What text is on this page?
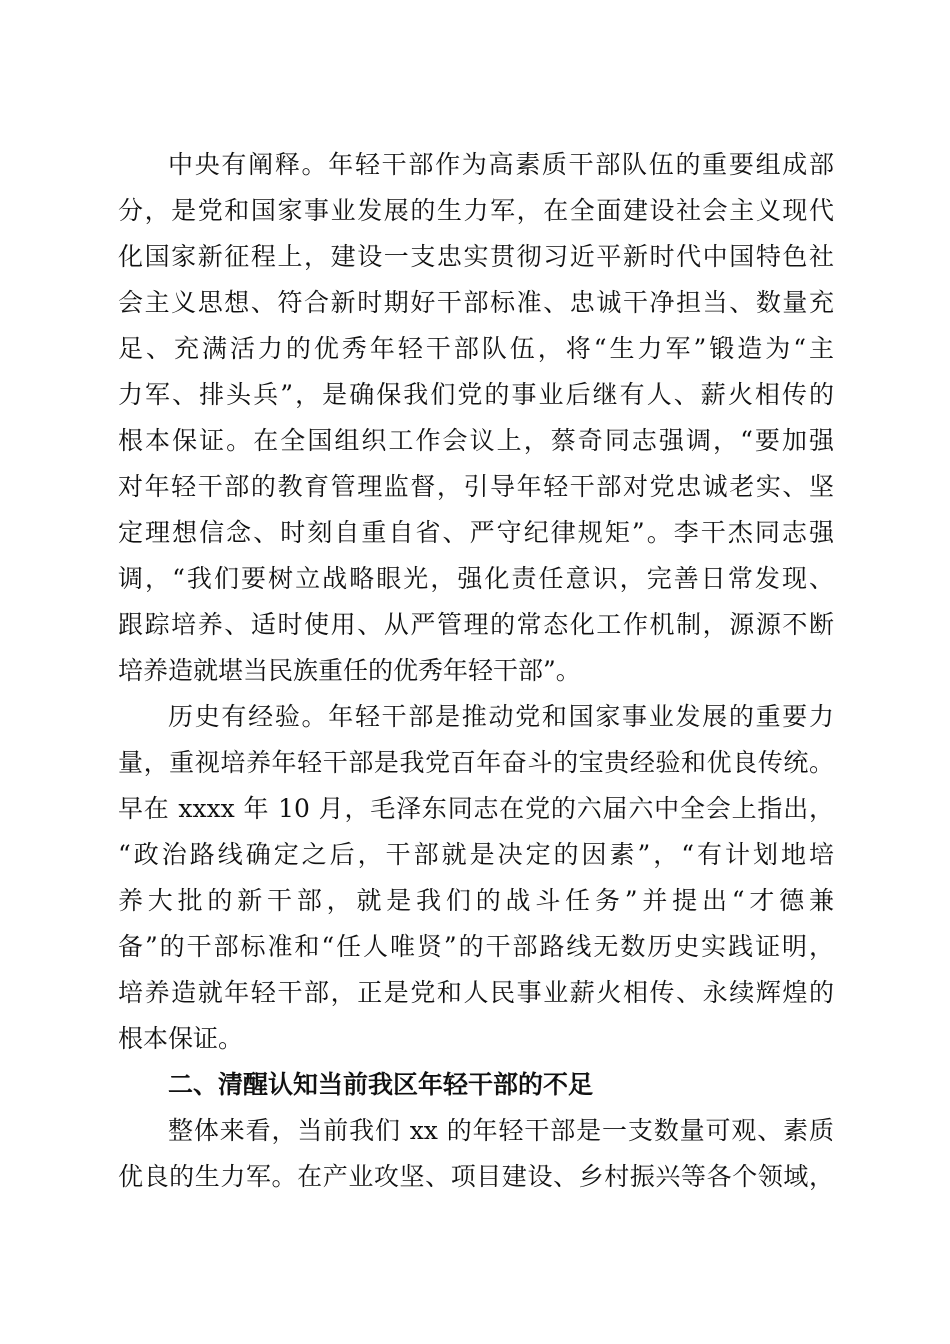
中央有阐释。年轻干部作为高素质干部队伍的重要组成部
分，是党和国家事业发展的生力军，在全面建设社会主义现代
化国家新征程上，建设一支忠实贯彻习近平新时代中国特色社
会主义思想、符合新时期好干部标准、忠诚干净担当、数量充
足、充满活力的优秀年轻干部队伍，将“生力军”锻造为“主
力军、排头兵”，是确保我们党的事业后继有人、薪火相传的
根本保证。在全国组织工作会议上，蔡奇同志强调，“要加强
对年轻干部的教育管理监督，引导年轻干部对党忠诚老实、坚
定理想信念、时刻自重自省、严守纪律规矩”。李干杰同志强
调，“我们要树立战略眼光，强化责任意识，完善日常发现、
跟踪培养、适时使用、从严管理的常态化工作机制，源源不断
培养造就堪当民族重任的优秀年轻干部”。
历史有经验。年轻干部是推动党和国家事业发展的重要力
量，重视培养年轻干部是我党百年奋斗的宝贵经验和优良传统。
早在 xxxx 年 10 月，毛泽东同志在党的六届六中全会上指出，
“政治路线确定之后，干部就是决定的因素”，“有计划地培
养大批的新干部，就是我们的战斗任务”并提出“才德兼
备”的干部标准和“任人唯贤”的干部路线无数历史实践证明，
培养造就年轻干部，正是党和人民事业薪火相传、永续辉煌的
根本保证。
二、清醒认知当前我区年轻干部的不足
整体来看，当前我们 xx 的年轻干部是一支数量可观、素质
优良的生力军。在产业攻坚、项目建设、乡村振兴等各个领域，
